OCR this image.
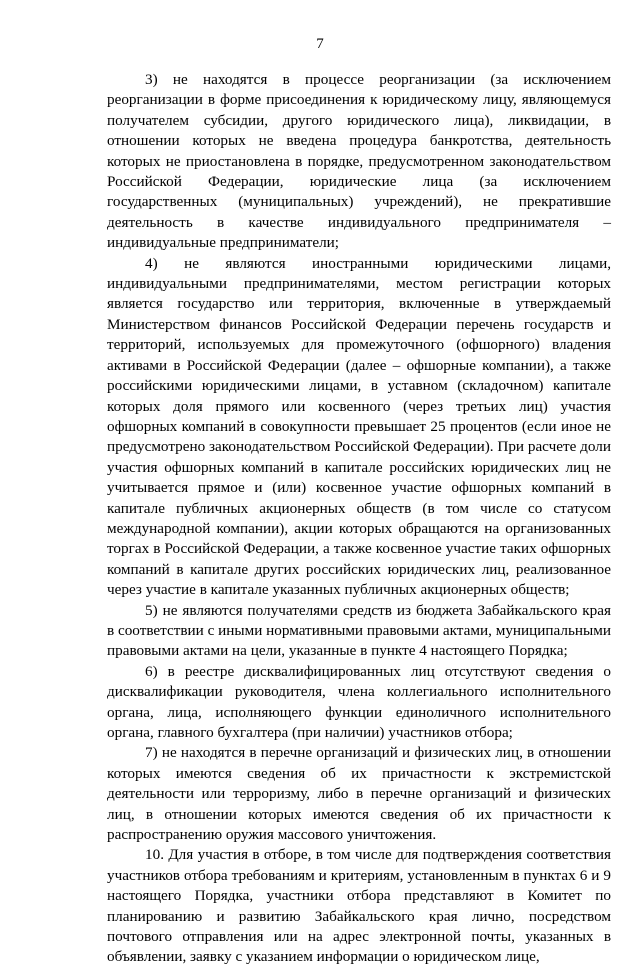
7

3) не находятся в процессе реорганизации (за исключением реорганизации в форме присоединения к юридическому лицу, являющемуся получателем субсидии, другого юридического лица), ликвидации, в отношении которых не введена процедура банкротства, деятельность которых не приостановлена в порядке, предусмотренном законодательством Российской Федерации, юридические лица (за исключением государственных (муниципальных) учреждений), не прекратившие деятельность в качестве индивидуального предпринимателя – индивидуальные предприниматели;

4) не являются иностранными юридическими лицами, индивидуальными предпринимателями, местом регистрации которых является государство или территория, включенные в утверждаемый Министерством финансов Российской Федерации перечень государств и территорий, используемых для промежуточного (офшорного) владения активами в Российской Федерации (далее – офшорные компании), а также российскими юридическими лицами, в уставном (складочном) капитале которых доля прямого или косвенного (через третьих лиц) участия офшорных компаний в совокупности превышает 25 процентов (если иное не предусмотрено законодательством Российской Федерации). При расчете доли участия офшорных компаний в капитале российских юридических лиц не учитывается прямое и (или) косвенное участие офшорных компаний в капитале публичных акционерных обществ (в том числе со статусом международной компании), акции которых обращаются на организованных торгах в Российской Федерации, а также косвенное участие таких офшорных компаний в капитале других российских юридических лиц, реализованное через участие в капитале указанных публичных акционерных обществ;

5) не являются получателями средств из бюджета Забайкальского края в соответствии с иными нормативными правовыми актами, муниципальными правовыми актами на цели, указанные в пункте 4 настоящего Порядка;

6) в реестре дисквалифицированных лиц отсутствуют сведения о дисквалификации руководителя, члена коллегиального исполнительного органа, лица, исполняющего функции единоличного исполнительного органа, главного бухгалтера (при наличии) участников отбора;

7) не находятся в перечне организаций и физических лиц, в отношении которых имеются сведения об их причастности к экстремистской деятельности или терроризму, либо в перечне организаций и физических лиц, в отношении которых имеются сведения об их причастности к распространению оружия массового уничтожения.

10. Для участия в отборе, в том числе для подтверждения соответствия участников отбора требованиям и критериям, установленным в пунктах 6 и 9 настоящего Порядка, участники отбора представляют в Комитет по планированию и развитию Забайкальского края лично, посредством почтового отправления или на адрес электронной почты, указанных в объявлении, заявку с указанием информации о юридическом лице,
